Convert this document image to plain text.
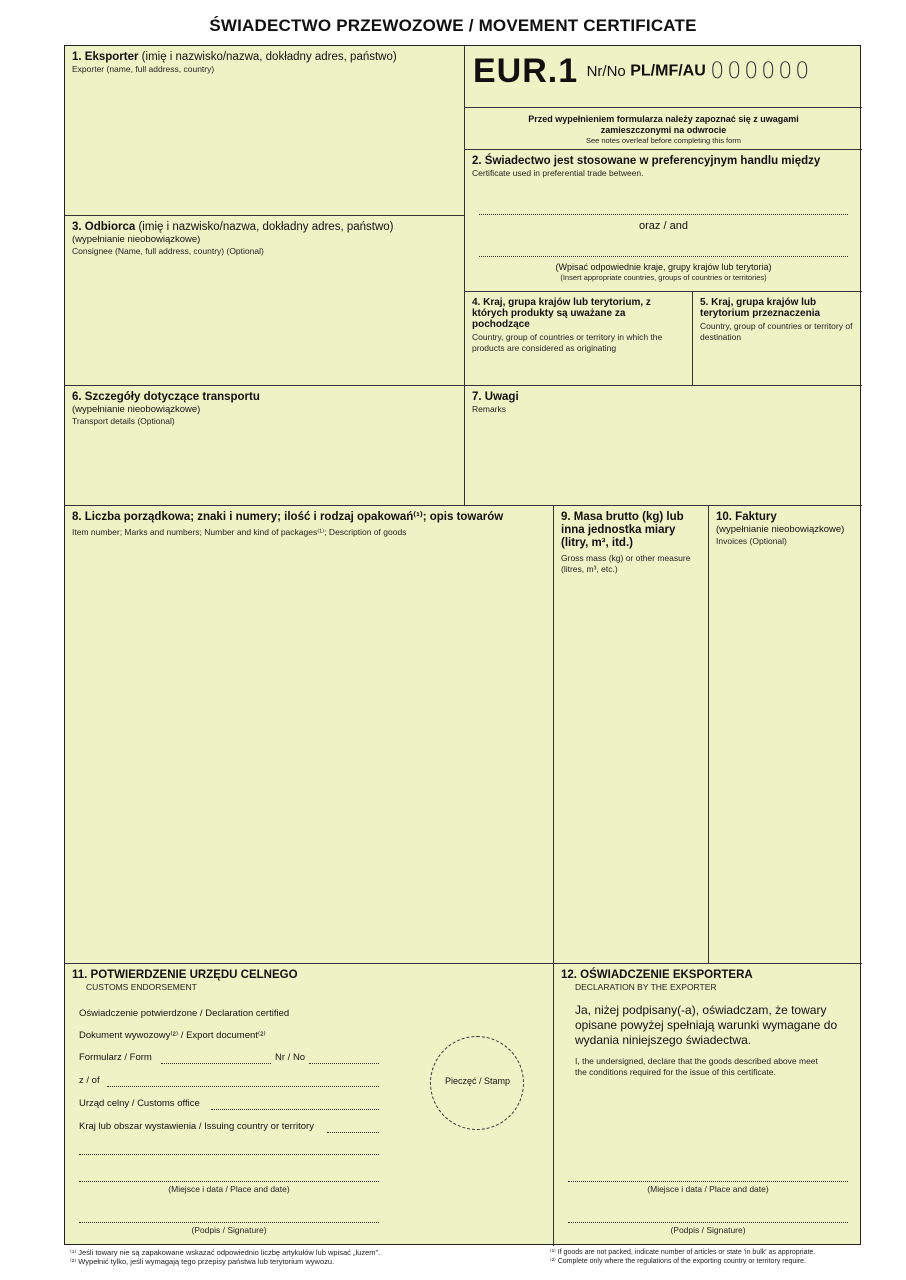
ŚWIADECTWO PRZEWOZOWE / MOVEMENT CERTIFICATE
1. Eksporter (imię i nazwisko/nazwa, dokładny adres, państwo)
Exporter (name, full address, country)	EUR.1 Nr/No PL/MF/AU 000000
Przed wypełnieniem formularza należy zapoznać się z uwagami zamieszczonymi na odwrocie
See notes overleaf before completing this form
2. Świadectwo jest stosowane w preferencyjnym handlu między
Certificate used in preferential trade between.
oraz / and
(Wpisać odpowiednie kraje, grupy krajów lub terytoria)
(Insert appropriate countries, groups of countries or territories)
3. Odbiorca (imię i nazwisko/nazwa, dokładny adres, państwo)
(wypełnianie nieobowiązkowe)
Consignee (Name, full address, country) (Optional)
4. Kraj, grupa krajów lub terytorium, z których produkty są uważane za pochodzące
Country, group of countries or territory in which the products are considered as originating
5. Kraj, grupa krajów lub terytorium przeznaczenia
Country, group of countries or territory of destination
6. Szczegóły dotyczące transportu
(wypełnianie nieobowiązkowe)
Transport details (Optional)
7. Uwagi
Remarks
8. Liczba porządkowa; znaki i numery; ilość i rodzaj opakowań⁽¹⁾; opis towarów
Item number; Marks and numbers; Number and kind of packages⁽¹⁾; Description of goods
9. Masa brutto (kg) lub inna jednostka miary (litry, m³, itd.)
Gross mass (kg) or other measure (litres, m³, etc.)
10. Faktury
(wypełnianie nieobowiązkowe)
Invoices (Optional)
11. POTWIERDZENIE URZĘDU CELNEGO
CUSTOMS ENDORSEMENT
Oświadczenie potwierdzone / Declaration certified
Dokument wywozowy⁽²⁾ / Export document⁽²⁾
Formularz / Form	Nr / No
z / of
Urząd celny / Customs office
Kraj lub obszar wystawienia / Issuing country or territory
Pieczęć / Stamp
(Miejsce i data / Place and date)
(Podpis / Signature)
12. OŚWIADCZENIE EKSPORTERA
DECLARATION BY THE EXPORTER
Ja, niżej podpisany(-a), oświadczam, że towary opisane powyżej spełniają warunki wymagane do wydania niniejszego świadectwa.
I, the undersigned, declare that the goods described above meet the conditions required for the issue of this certificate.
(Miejsce i data / Place and date)
(Podpis / Signature)
⁽¹⁾ Jeśli towary nie są zapakowane wskazać odpowiednio liczbę artykułów lub wpisać „luzem”.
⁽²⁾ Wypełnić tylko, jeśli wymagają tego przepisy państwa lub terytorium wywozu.
⁽¹⁾ If goods are not packed, indicate number of articles or state 'in bulk' as appropriate.
⁽²⁾ Complete only where the regulations of the exporting country or territory require.
